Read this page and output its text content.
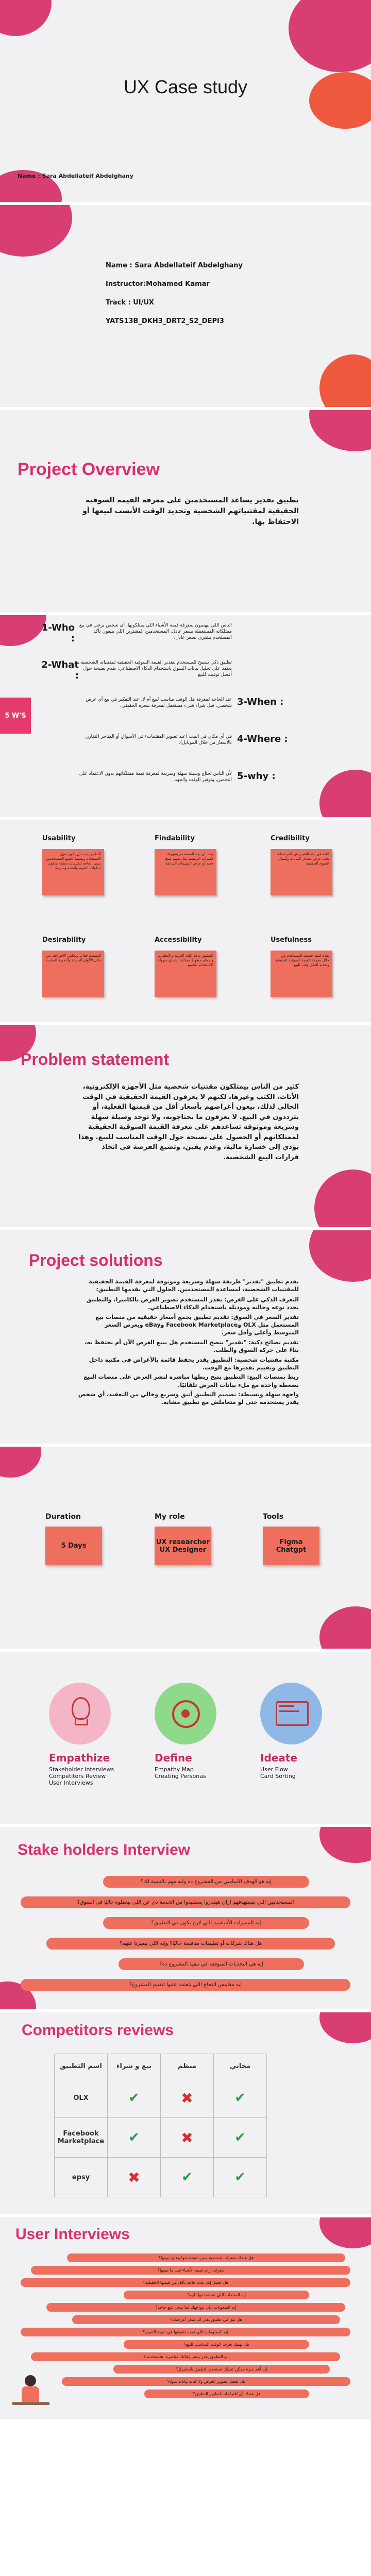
UX Case study
Name : Sara Abdellateif Abdelghany
Name : Sara Abdellateif Abdelghany
Instructor:Mohamed Kamar
Track : UI/UX
YATS13B_DKH3_DRT2_S2_DEPI3
Project Overview
تطبيق تقدير يساعد المستخدمين على معرفة القيمة السوقية الحقيقية لمقتنياتهم الشخصية وتحديد الوقت الأنسب لبيعها أو الاحتفاظ بها.
5 W'S
الناس اللي بيهتمون بمعرفة قيمة الأشياء اللي يمتلكونها، أي شخص يرغب في بيع ممتلكاته المستعملة بسعر عادل، المستخدمين المشترين اللي يبيعون تأكد المستخدم يشتري بسعر عادل.
1-Who :
تطبيق ذكي يسمح للمستخدم بتقدير القيمة السوقية الحقيقية لمقتنياته الشخصية. يعتمد على تحليل بيانات السوق باستخدام الذكاء الاصطناعي، يقدم نصيحة حول أفضل توقيت للبيع.
2-What :
عند الحاجة لمعرفة هل الوقت مناسب لبيع أم لا. عند التفكير في بيع أي غرض شخصي. قبل شراء شيء مستعمل لمعرفة سعره الحقيقي. 3-When :
في أي مكان في البيت (عند تصوير المقتنيات) في الأسواق أو المتاجر (لتقارن بالأسعار من خلال الموبايل). 4-Where :
لأن الناس تحتاج وسيلة سهلة وسريعة لمعرفة قيمة ممتلكاتهم بدون الاعتماد على التخمين، وتوفير الوقت والجهد. 5-why :
Usability
التطبيق يجب أن يكون سهل الاستخدام وبسيط لجميع المستخدمين بدون الحاجة لتعليمات معقدة وتكون خطوات التقييم واضحة وسريعة
Findability
يجب أن يجد المستخدم بسهولة الميزات الرئيسية مثل تقييم منتج جديد أو عرض التقييمات السابقة
Credibility
الثقة في دقة التقييم هي أهم نقطة، يجب عرض مصادر البيانات وأسعار السوق الحقيقية
Desirability
التصميم جذاب ويعكس الاحترافية من خلال الألوان الحديثة والتجربة السلسة
Accessibility
التطبيق يدعم اللغة العربية والإنجليزية وأحجام خطوط مختلفة لضمان سهولة الاستخدام للجميع
Usefulness
يقدم قيمة حقيقية للمستخدم من خلال معرفة القيمة السوقية الحقيقية وتحديد أفضل وقت للبيع
Problem statement
كثير من الناس بيمتلكون مقتنيات شخصية مثل الأجهزة الإلكترونية، الأثاث، الكتب وغيرها، لكنهم لا يعرفون القيمة الحقيقية في الوقت الحالي لذلك، بيعون أغراضهم بأسعار أقل من قيمتها الفعلية، أو يترددون في البيع. لا يعرفون ما يحتاجونه، ولا توجد وسيلة سهلة وسريعة وموثوقة تساعدهم على معرفة القيمة السوقية الحقيقية لممتلكاتهم أو الحصول على نصيحة حول الوقت المناسب للبيع. وهذا يؤدي إلى خسارة مالية، وعدم يقين، وتضيع الفرصة في اتخاذ قرارات البيع الشخصية.
Project solutions
يقدم تطبيق "تقدير" طريقة سهلة وسريعة وموثوقة لمعرفة القيمة الحقيقية للمقتنيات الشخصية، لمساعدة المستخدمين. الحلول التي يقدمها التطبيق:
التعرف الذكي على الغرض: يقدر المستخدم تصوير الغرض بالكاميرا، والتطبيق يحدد نوعه وحالته وموديله باستخدام الذكاء الاصطناعي.
تقدير السعر في السوق: تقديم تطبيق يجمع أسعار حقيقية من منصات بيع المستعمل مثل OLX وFacebook Marketplace وeBay ويعرض السعر المتوسط وأعلى وأقل سعر.
تقديم نصائح ذكية: "تقدير" ينصح المستخدم هل يبيع الغرض الآن أم يحتفظ به، بناءً على حركة السوق والطلب.
مكتبة مقتنيات شخصية: التطبيق يقدر يحفظ قائمة بالأغراض في مكتبة داخل التطبيق وتقييم تقديرها مع الوقت.
ربط بمنصات البيع: التطبيق يتيح ربطها مباشرة لنشر الغرض على منصات البيع بضغطة واحدة مع ملء بيانات الغرض تلقائيًا.
واجهة سهلة وبسيطة: تصميم التطبيق أنيق وسريع وخالي من التعقيد، أي شخص يقدر يستخدمه حتى لو متعاملش مع تطبيق مشابه.
Duration
5 Days
My role
UX researcher
UX Designer
Tools
Figma
Chatgpt
Empathize
Stakeholder Interviews
Competitors Review
User Interviews
Define
Empathy Map
Creating Personas
Ideate
User Flow
Card Sorting
Stake holders Interview
إيه هو الهدف الأساسي من المشروع ده وليه مهم بالنسبة لك؟
المستخدمين اللي بتستهدفهم إزاي هيقدروا يستفيدوا من الخدمة دي عن اللي بيعملوه حاليًا في السوق؟
إيه المميزات الأساسية اللي لازم تكون في التطبيق؟
هل هناك شركات أو تطبيقات منافسة حاليًا؟ وإيه اللي بيميزنا عنهم؟
إيه هي التحديات المتوقعة في تنفيذ المشروع ده؟
إيه مقاييس النجاح اللي بتعتمد عليها لتقييم المشروع؟
Competitors reviews
اسم التطبيق	بيع و شراء	منظم	مجاني
OLX	✔	✖	✔
Facebook Marketplace	✔	✖	✔
epsy	✖	✔	✔
User Interviews
هل عندك مقتنيات شخصية مش بتستخدمها وعايز تبيعها؟
بتعرف إزاي قيمة الأشياء قبل ما تبيعها؟
هل حصل إنك بعت حاجة بأقل من قيمتها الحقيقية؟
إيه المنصات اللي بتستخدمها للبيع؟
إيه الصعوبات اللي بتواجهك لما تيجي تبيع حاجة؟
هل تثق في تطبيق يقدر لك سعر أغراضك؟
إيه المعلومات اللي تحب تشوفها في نتيجة التقييم؟
هل يهمك تعرف الوقت المناسب للبيع؟
لو التطبيق يقدر ينشر إعلانك مباشرة، هتستخدمه؟
إيه أهم ميزة ممكن تخليك تستخدم التطبيق باستمرار؟
هل تفضل تصوير الغرض ولا كتابة بياناته يدويًا؟
هل عندك أي اقتراحات لتطوير التطبيق؟
